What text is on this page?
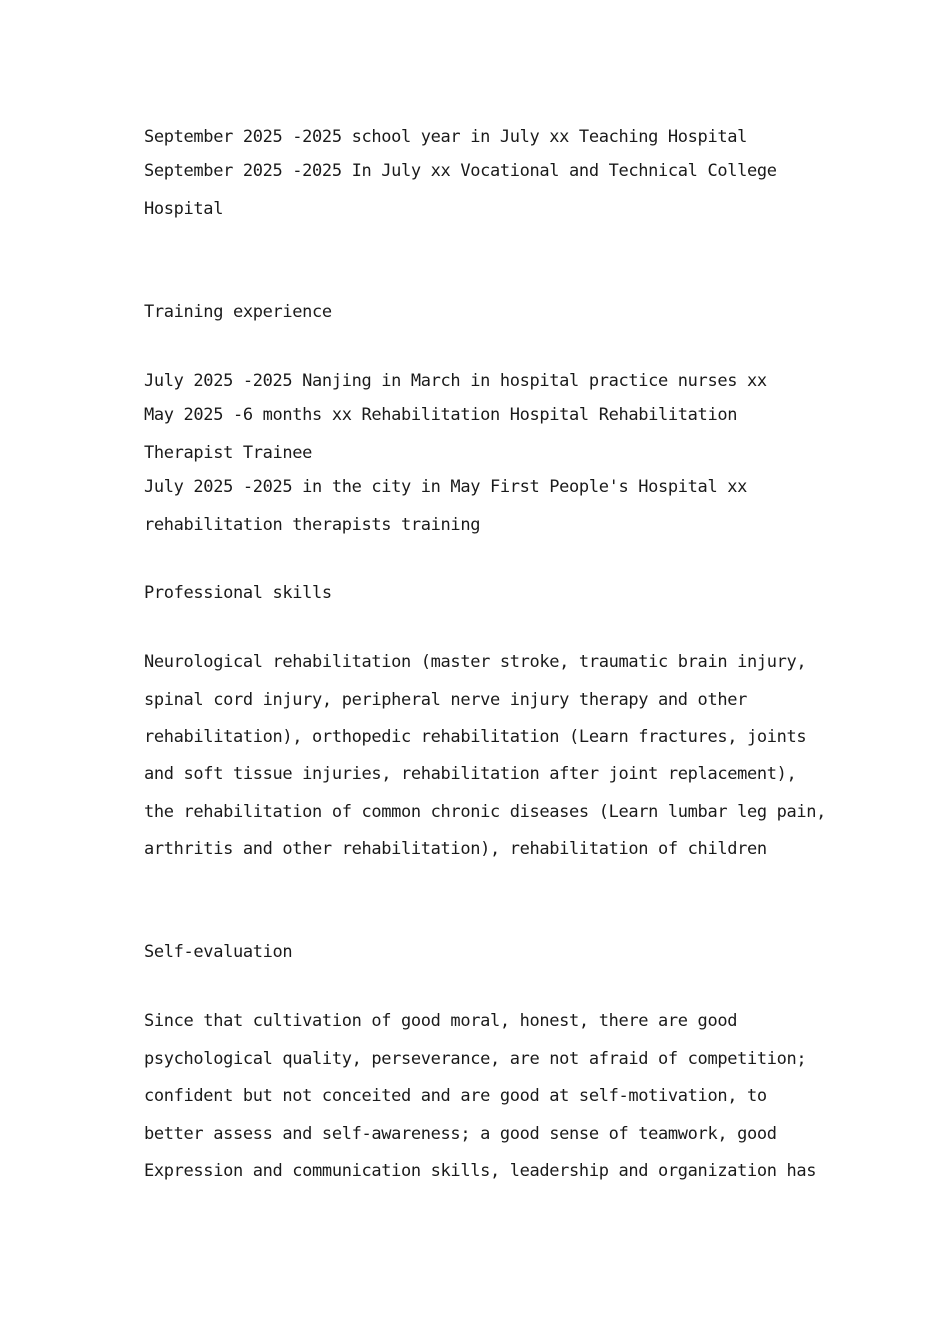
September 2025 -2025 school year in July xx Teaching Hospital
September 2025 -2025 In July xx Vocational and Technical College
Hospital
Training experience
July 2025 -2025 Nanjing in March in hospital practice nurses xx
May 2025 -6 months xx Rehabilitation Hospital Rehabilitation
Therapist Trainee
July 2025 -2025 in the city in May First People's Hospital xx
rehabilitation therapists training
Professional skills
Neurological rehabilitation (master stroke, traumatic brain injury,
spinal cord injury, peripheral nerve injury therapy and other
rehabilitation), orthopedic rehabilitation (Learn fractures, joints
and soft tissue injuries, rehabilitation after joint replacement),
the rehabilitation of common chronic diseases (Learn lumbar leg pain,
arthritis and other rehabilitation), rehabilitation of children
Self-evaluation
Since that cultivation of good moral, honest, there are good
psychological quality, perseverance, are not afraid of competition;
confident but not conceited and are good at self-motivation, to
better assess and self-awareness; a good sense of teamwork, good
Expression and communication skills, leadership and organization has
